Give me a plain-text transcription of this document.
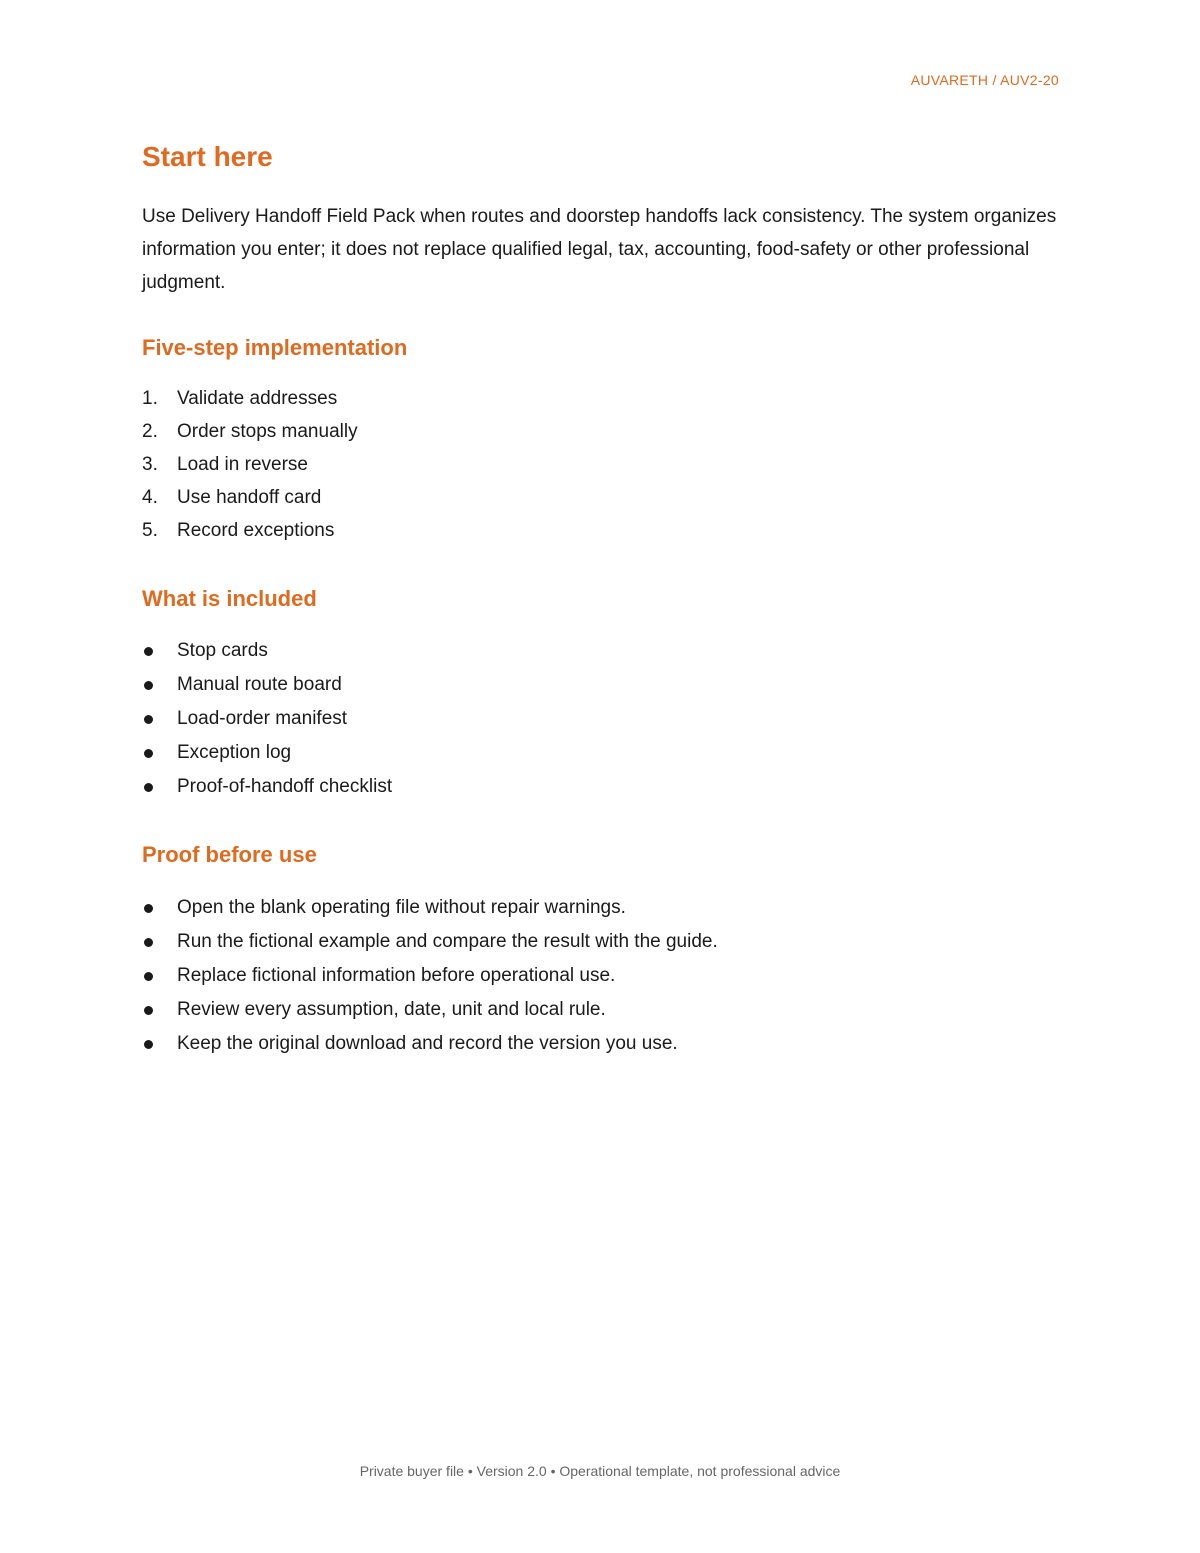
AUVARETH / AUV2-20
Start here

Use Delivery Handoff Field Pack when routes and doorstep handoffs lack consistency. The system organizes information you enter; it does not replace qualified legal, tax, accounting, food-safety or other professional judgment.

Five-step implementation
1.	Validate addresses
2.	Order stops manually
3.	Load in reverse
4.	Use handoff card
5.	Record exceptions
What is included
Stop cards
Manual route board
Load-order manifest
Exception log
Proof-of-handoff checklist
Proof before use
Open the blank operating file without repair warnings.
Run the fictional example and compare the result with the guide.
Replace fictional information before operational use.
Review every assumption, date, unit and local rule.
Keep the original download and record the version you use.
Private buyer file • Version 2.0 • Operational template, not professional advice
